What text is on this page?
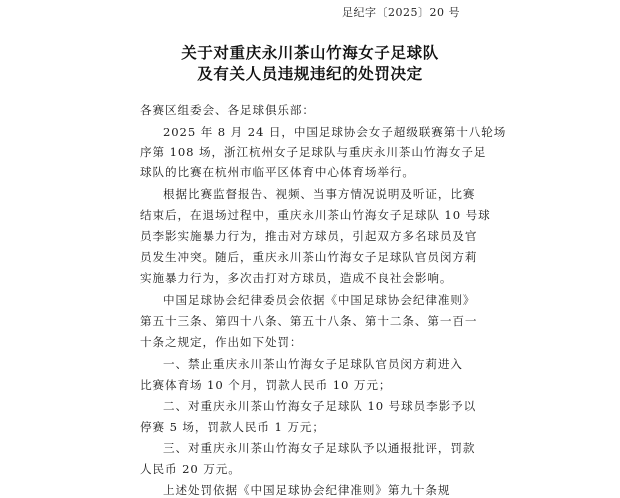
足纪字〔2025〕20 号
关于对重庆永川茶山竹海女子足球队
及有关人员违规违纪的处罚决定
各赛区组委会、各足球俱乐部：
2025 年 8 月 24 日，中国足球协会女子超级联赛第十八轮场
序第 108 场，浙江杭州女子足球队与重庆永川茶山竹海女子足
球队的比赛在杭州市临平区体育中心体育场举行。
根据比赛监督报告、视频、当事方情况说明及听证，比赛
结束后，在退场过程中，重庆永川茶山竹海女子足球队 10 号球
员李影实施暴力行为，推击对方球员，引起双方多名球员及官
员发生冲突。随后，重庆永川茶山竹海女子足球队官员闵方莉
实施暴力行为，多次击打对方球员，造成不良社会影响。
中国足球协会纪律委员会依据《中国足球协会纪律准则》
第五十三条、第四十八条、第五十八条、第十二条、第一百一
十条之规定，作出如下处罚：
一、禁止重庆永川茶山竹海女子足球队官员闵方莉进入
比赛体育场 10 个月，罚款人民币 10 万元；
二、对重庆永川茶山竹海女子足球队 10 号球员李影予以
停赛 5 场，罚款人民币 1 万元；
三、对重庆永川茶山竹海女子足球队予以通报批评，罚款
人民币 20 万元。
上述处罚依据《中国足球协会纪律准则》第九十条规
